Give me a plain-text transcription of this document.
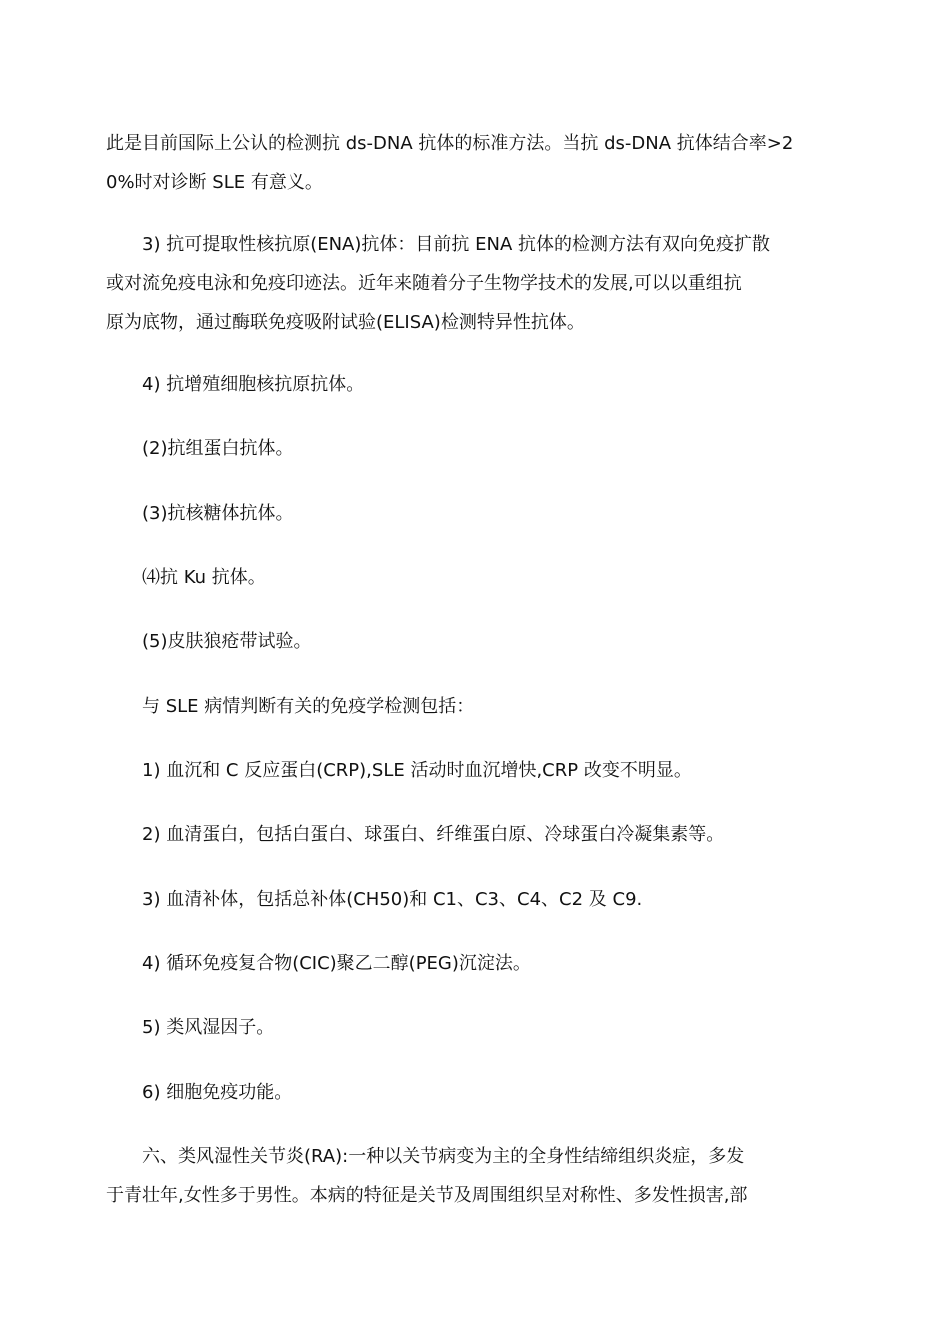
此是目前国际上公认的检测抗 ds-DNA 抗体的标准方法。当抗 ds-DNA 抗体结合率>2
0%时对诊断 SLE 有意义。

3) 抗可提取性核抗原(ENA)抗体：目前抗 ENA 抗体的检测方法有双向免疫扩散
或对流免疫电泳和免疫印迹法。近年来随着分子生物学技术的发展,可以以重组抗
原为底物，通过酶联免疫吸附试验(ELISA)检测特异性抗体。

4) 抗增殖细胞核抗原抗体。

(2)抗组蛋白抗体。

(3)抗核糖体抗体。

⑷抗 Ku 抗体。

(5)皮肤狼疮带试验。

与 SLE 病情判断有关的免疫学检测包括：

1) 血沉和 C 反应蛋白(CRP),SLE 活动时血沉增快,CRP 改变不明显。

2) 血清蛋白，包括白蛋白、球蛋白、纤维蛋白原、冷球蛋白冷凝集素等。

3) 血清补体，包括总补体(CH50)和 C1、C3、C4、C2 及 C9.

4) 循环免疫复合物(CIC)聚乙二醇(PEG)沉淀法。

5) 类风湿因子。

6) 细胞免疫功能。

六、类风湿性关节炎(RA):一种以关节病变为主的全身性结缔组织炎症，多发
于青壮年,女性多于男性。本病的特征是关节及周围组织呈对称性、多发性损害,部
